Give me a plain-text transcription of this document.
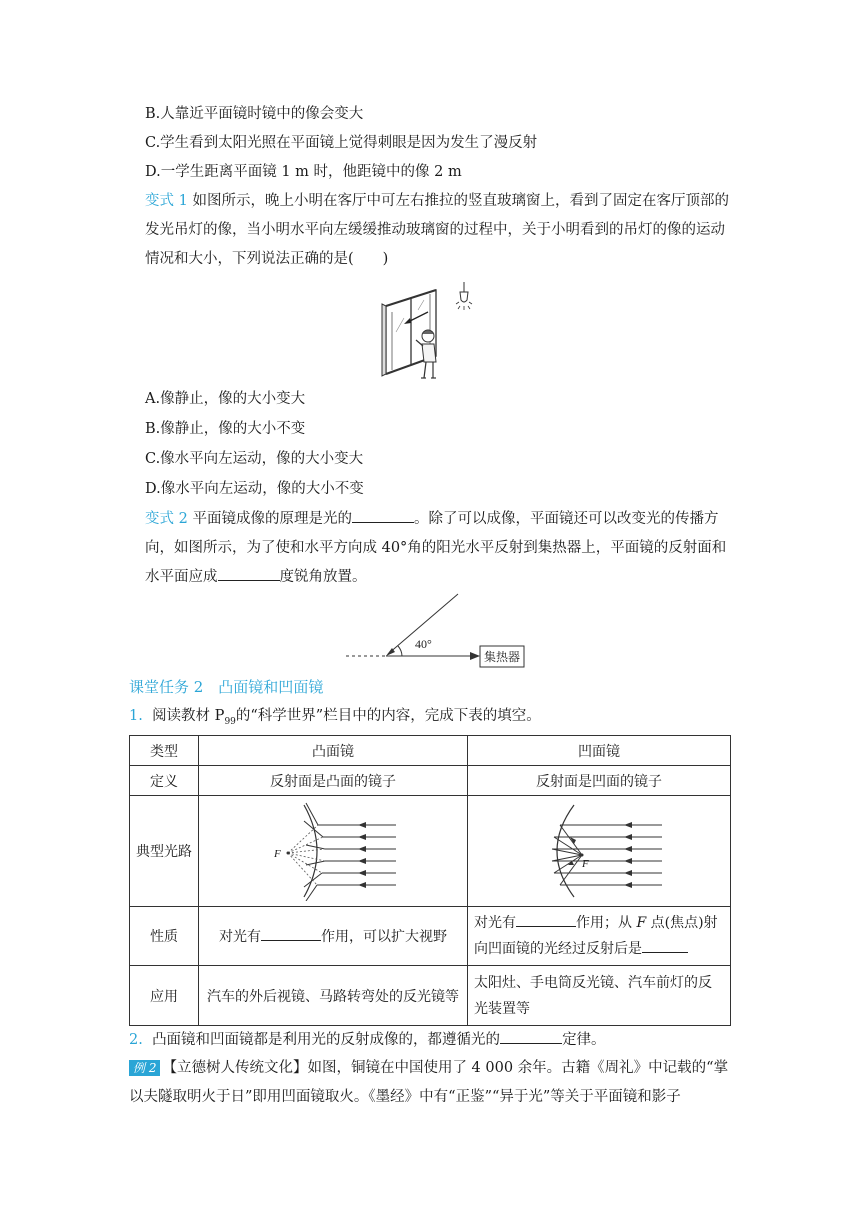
B.人靠近平面镜时镜中的像会变大
C.学生看到太阳光照在平面镜上觉得刺眼是因为发生了漫反射
D.一学生距离平面镜 1 m 时，他距镜中的像 2 m
变式 1 如图所示，晚上小明在客厅中可左右推拉的竖直玻璃窗上，看到了固定在客厅顶部的发光吊灯的像，当小明水平向左缓缓推动玻璃窗的过程中，关于小明看到的吊灯的像的运动情况和大小，下列说法正确的是(　　)
A.像静止，像的大小变大
B.像静止，像的大小不变
C.像水平向左运动，像的大小变大
D.像水平向左运动，像的大小不变
变式 2 平面镜成像的原理是光的	。除了可以成像，平面镜还可以改变光的传播方向，如图所示，为了使和水平方向成 40°角的阳光水平反射到集热器上，平面镜的反射面和水平面应成	度锐角放置。
40°
集热器
课堂任务 2　凸面镜和凹面镜
1. 阅读教材 $P_{99}$的“科学世界”栏目中的内容，完成下表的填空。
类型	凸面镜	凹面镜
定义	反射面是凸面的镜子	反射面是凹面的镜子
典型光路	F	F

性质	对光有 作用，可以扩大视野	对光有 作用；从 F 点(焦点)射向凹面镜的光经过反射后是
应用	汽车的外后视镜、马路转弯处的反光镜等	太阳灶、手电筒反光镜、汽车前灯的反光装置等
2. 凸面镜和凹面镜都是利用光的反射成像的，都遵循光的	定律。
例 2 【立德树人传统文化】如图，铜镜在中国使用了 4 000 余年。古籍《周礼》中记载的“掌以夫隧取明火于日”即用凹面镜取火。《墨经》中有“正鉴”“异于光”等关于平面镜和影子
